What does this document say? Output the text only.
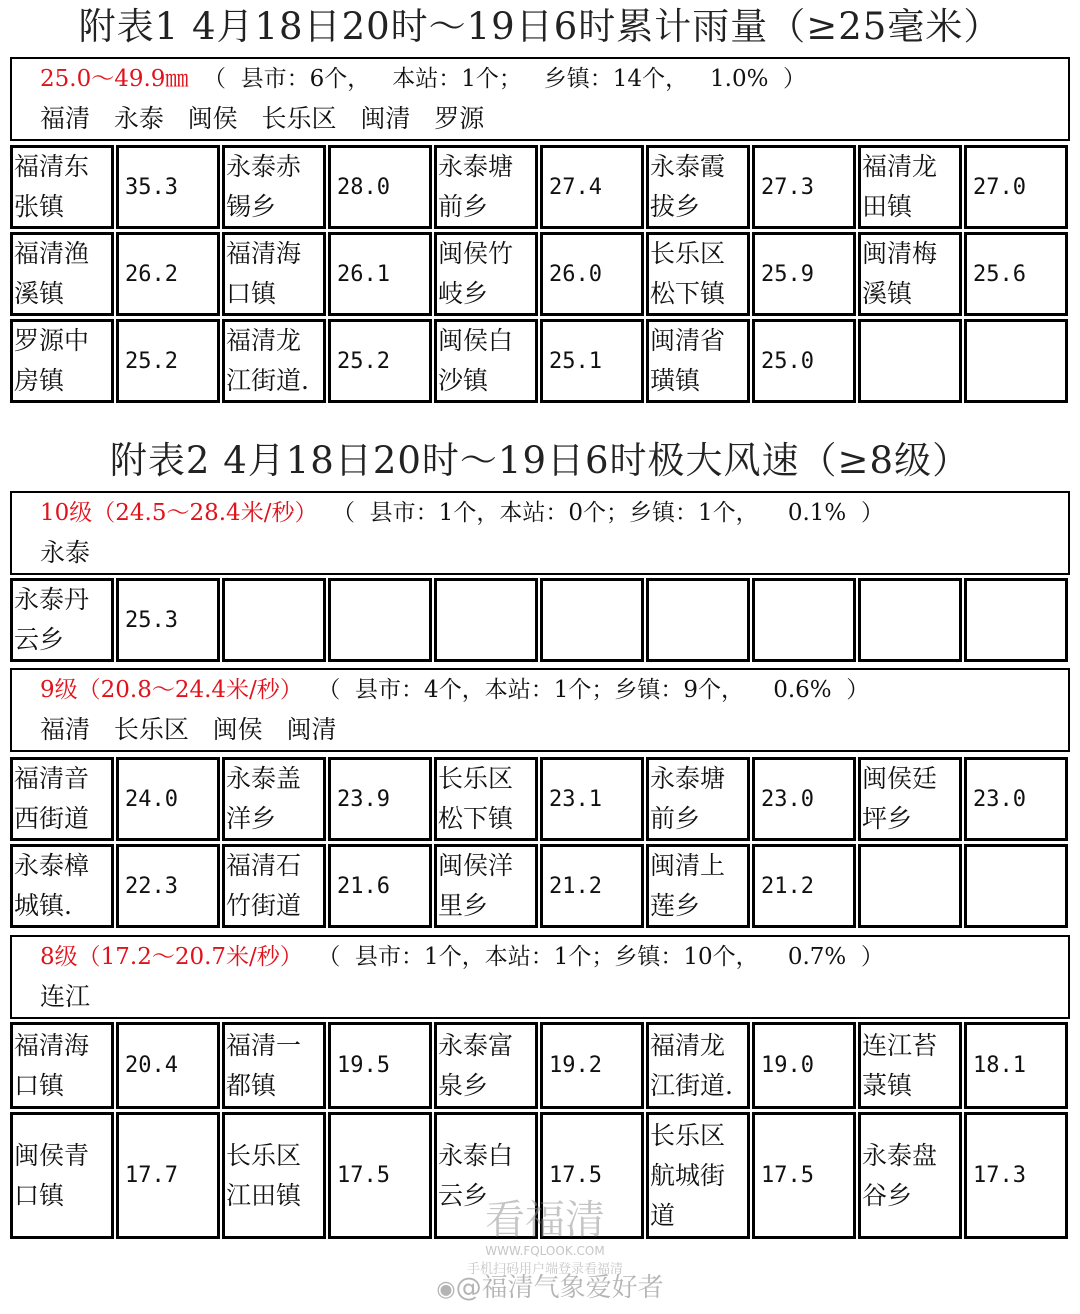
附表1 4月18日20时～19日6时累计雨量（≥25毫米）
25.0～49.9㎜  （  县市：6个，   本站：1个；   乡镇：14个，   1.0%  ）
福清   永泰   闽侯   长乐区   闽清   罗源
福清东张镇
35.3
永泰赤锡乡
28.0
永泰塘前乡
27.4
永泰霞拔乡
27.3
福清龙田镇
27.0
福清渔溪镇
26.2
福清海口镇
26.1
闽侯竹岐乡
26.0
长乐区松下镇
25.9
闽清梅溪镇
25.6
罗源中房镇
25.2
福清龙江街道.
25.2
闽侯白沙镇
25.1
闽清省璜镇
25.0
附表2 4月18日20时～19日6时极大风速（≥8级）
10级（24.5～28.4米/秒）  （  县市：1个，本站：0个；乡镇：1个，    0.1%  ）
永泰
永泰丹云乡
25.3
9级（20.8～24.4米/秒）  （  县市：4个，本站：1个；乡镇：9个，    0.6%  ）
福清   长乐区   闽侯   闽清
福清音西街道
24.0
永泰盖洋乡
23.9
长乐区松下镇
23.1
永泰塘前乡
23.0
闽侯廷坪乡
23.0
永泰樟城镇.
22.3
福清石竹街道
21.6
闽侯洋里乡
21.2
闽清上莲乡
21.2
8级（17.2～20.7米/秒）  （  县市：1个，本站：1个；乡镇：10个，    0.7%  ）
连江
福清海口镇
20.4
福清一都镇
19.5
永泰富泉乡
19.2
福清龙江街道.
19.0
连江苔菉镇
18.1
闽侯青口镇
17.7
长乐区江田镇
17.5
永泰白云乡
17.5
长乐区航城街道
17.5
永泰盘谷乡
17.3
看福清
WWW.FQLOOK.COM
手机扫码用户端登录看福清
◉@福清气象爱好者
